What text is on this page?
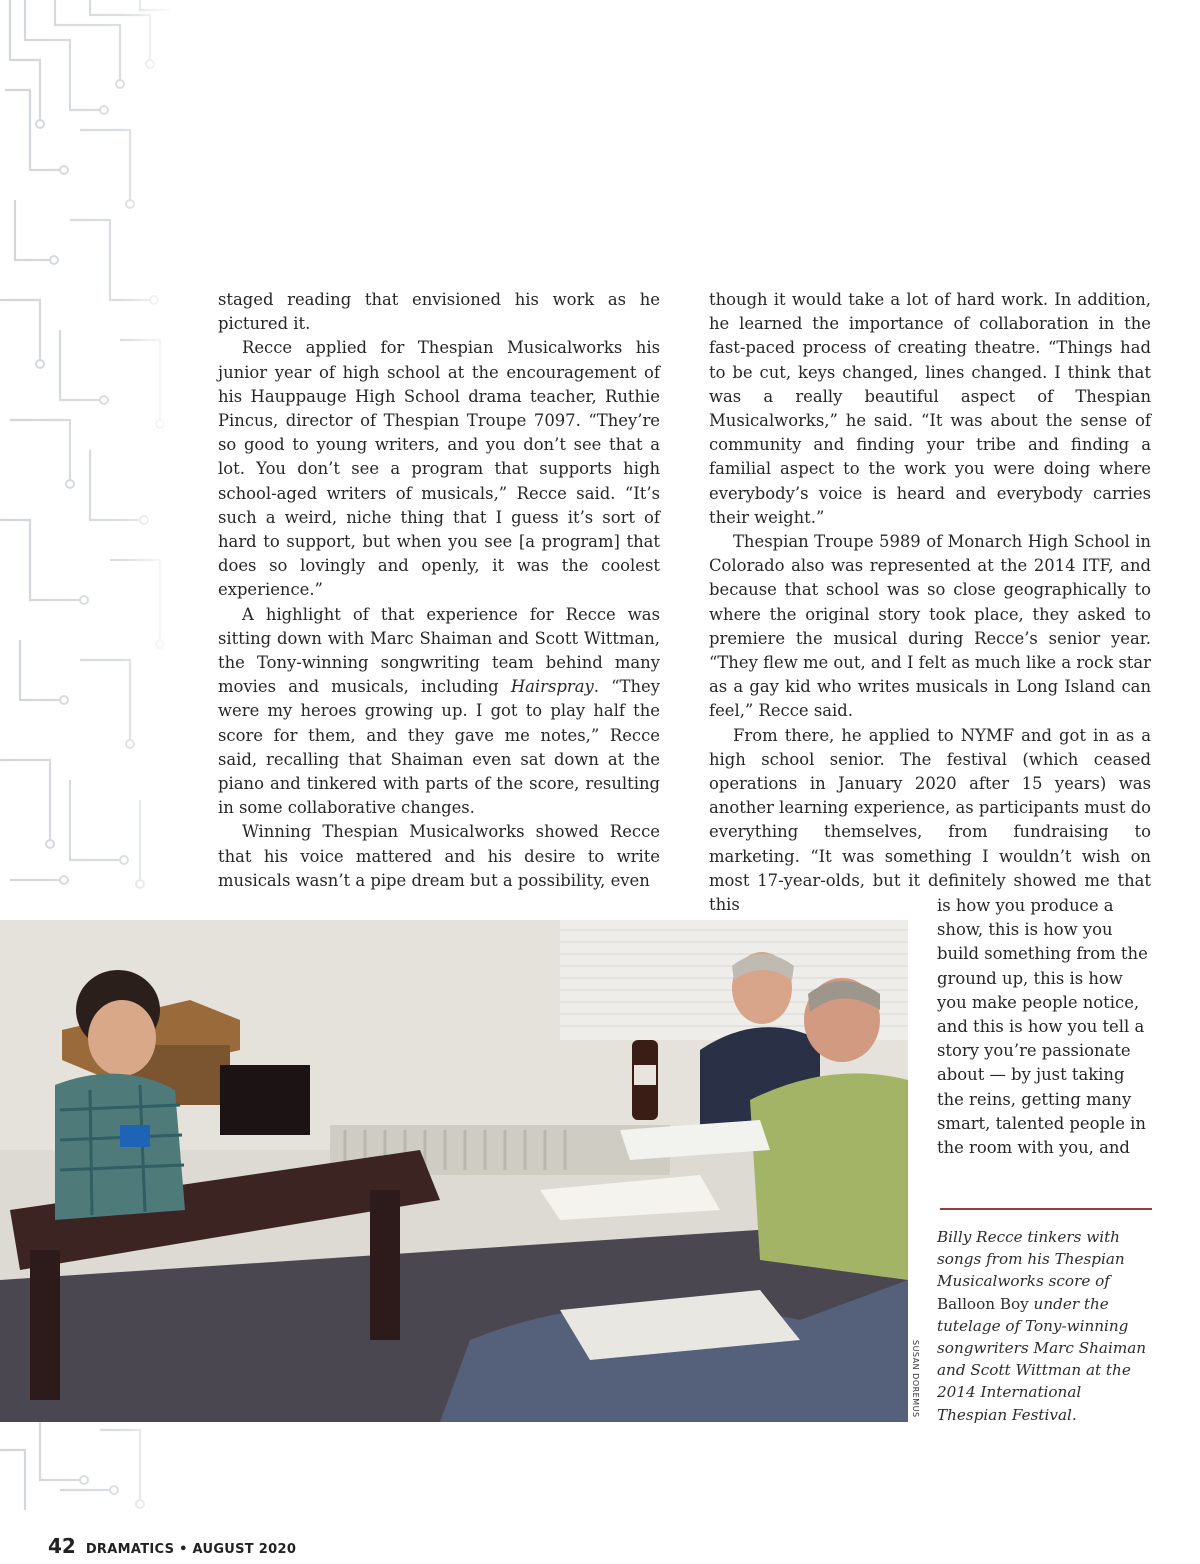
staged reading that envisioned his work as he pictured it.

Recce applied for Thespian Musicalworks his junior year of high school at the encouragement of his Hauppauge High School drama teacher, Ruthie Pincus, director of Thespian Troupe 7097. “They’re so good to young writers, and you don’t see that a lot. You don’t see a program that supports high school-aged writers of musicals,” Recce said. “It’s such a weird, niche thing that I guess it’s sort of hard to support, but when you see [a program] that does so lovingly and openly, it was the coolest experience.”

A highlight of that experience for Recce was sitting down with Marc Shaiman and Scott Wittman, the Tony-winning songwriting team behind many movies and musicals, including Hairspray. “They were my heroes growing up. I got to play half the score for them, and they gave me notes,” Recce said, recalling that Shaiman even sat down at the piano and tinkered with parts of the score, resulting in some collaborative changes.

Winning Thespian Musicalworks showed Recce that his voice mattered and his desire to write musicals wasn’t a pipe dream but a possibility, even

though it would take a lot of hard work. In addition, he learned the importance of collaboration in the fast-paced process of creating theatre. “Things had to be cut, keys changed, lines changed. I think that was a really beautiful aspect of Thespian Musicalworks,” he said. “It was about the sense of community and finding your tribe and finding a familial aspect to the work you were doing where everybody’s voice is heard and everybody carries their weight.”

Thespian Troupe 5989 of Monarch High School in Colorado also was represented at the 2014 ITF, and because that school was so close geographically to where the original story took place, they asked to premiere the musical during Recce’s senior year. “They flew me out, and I felt as much like a rock star as a gay kid who writes musicals in Long Island can feel,” Recce said.

From there, he applied to NYMF and got in as a high school senior. The festival (which ceased operations in January 2020 after 15 years) was another learning experience, as participants must do everything themselves, from fundraising to marketing. “It was something I wouldn’t wish on most 17-year-olds, but it definitely showed me that this	is how you produce a show, this is how you build something from the ground up, this is how you make people notice, and this is how you tell a story you’re passionate about — by just taking the reins, getting many smart, talented people in the room with you, and

SUSAN DOREMUS
Billy Recce tinkers with songs from his Thespian Musicalworks score of Balloon Boy under the tutelage of Tony-winning songwriters Marc Shaiman and Scott Wittman at the 2014 International Thespian Festival.
42 DRAMATICS • AUGUST 2020
